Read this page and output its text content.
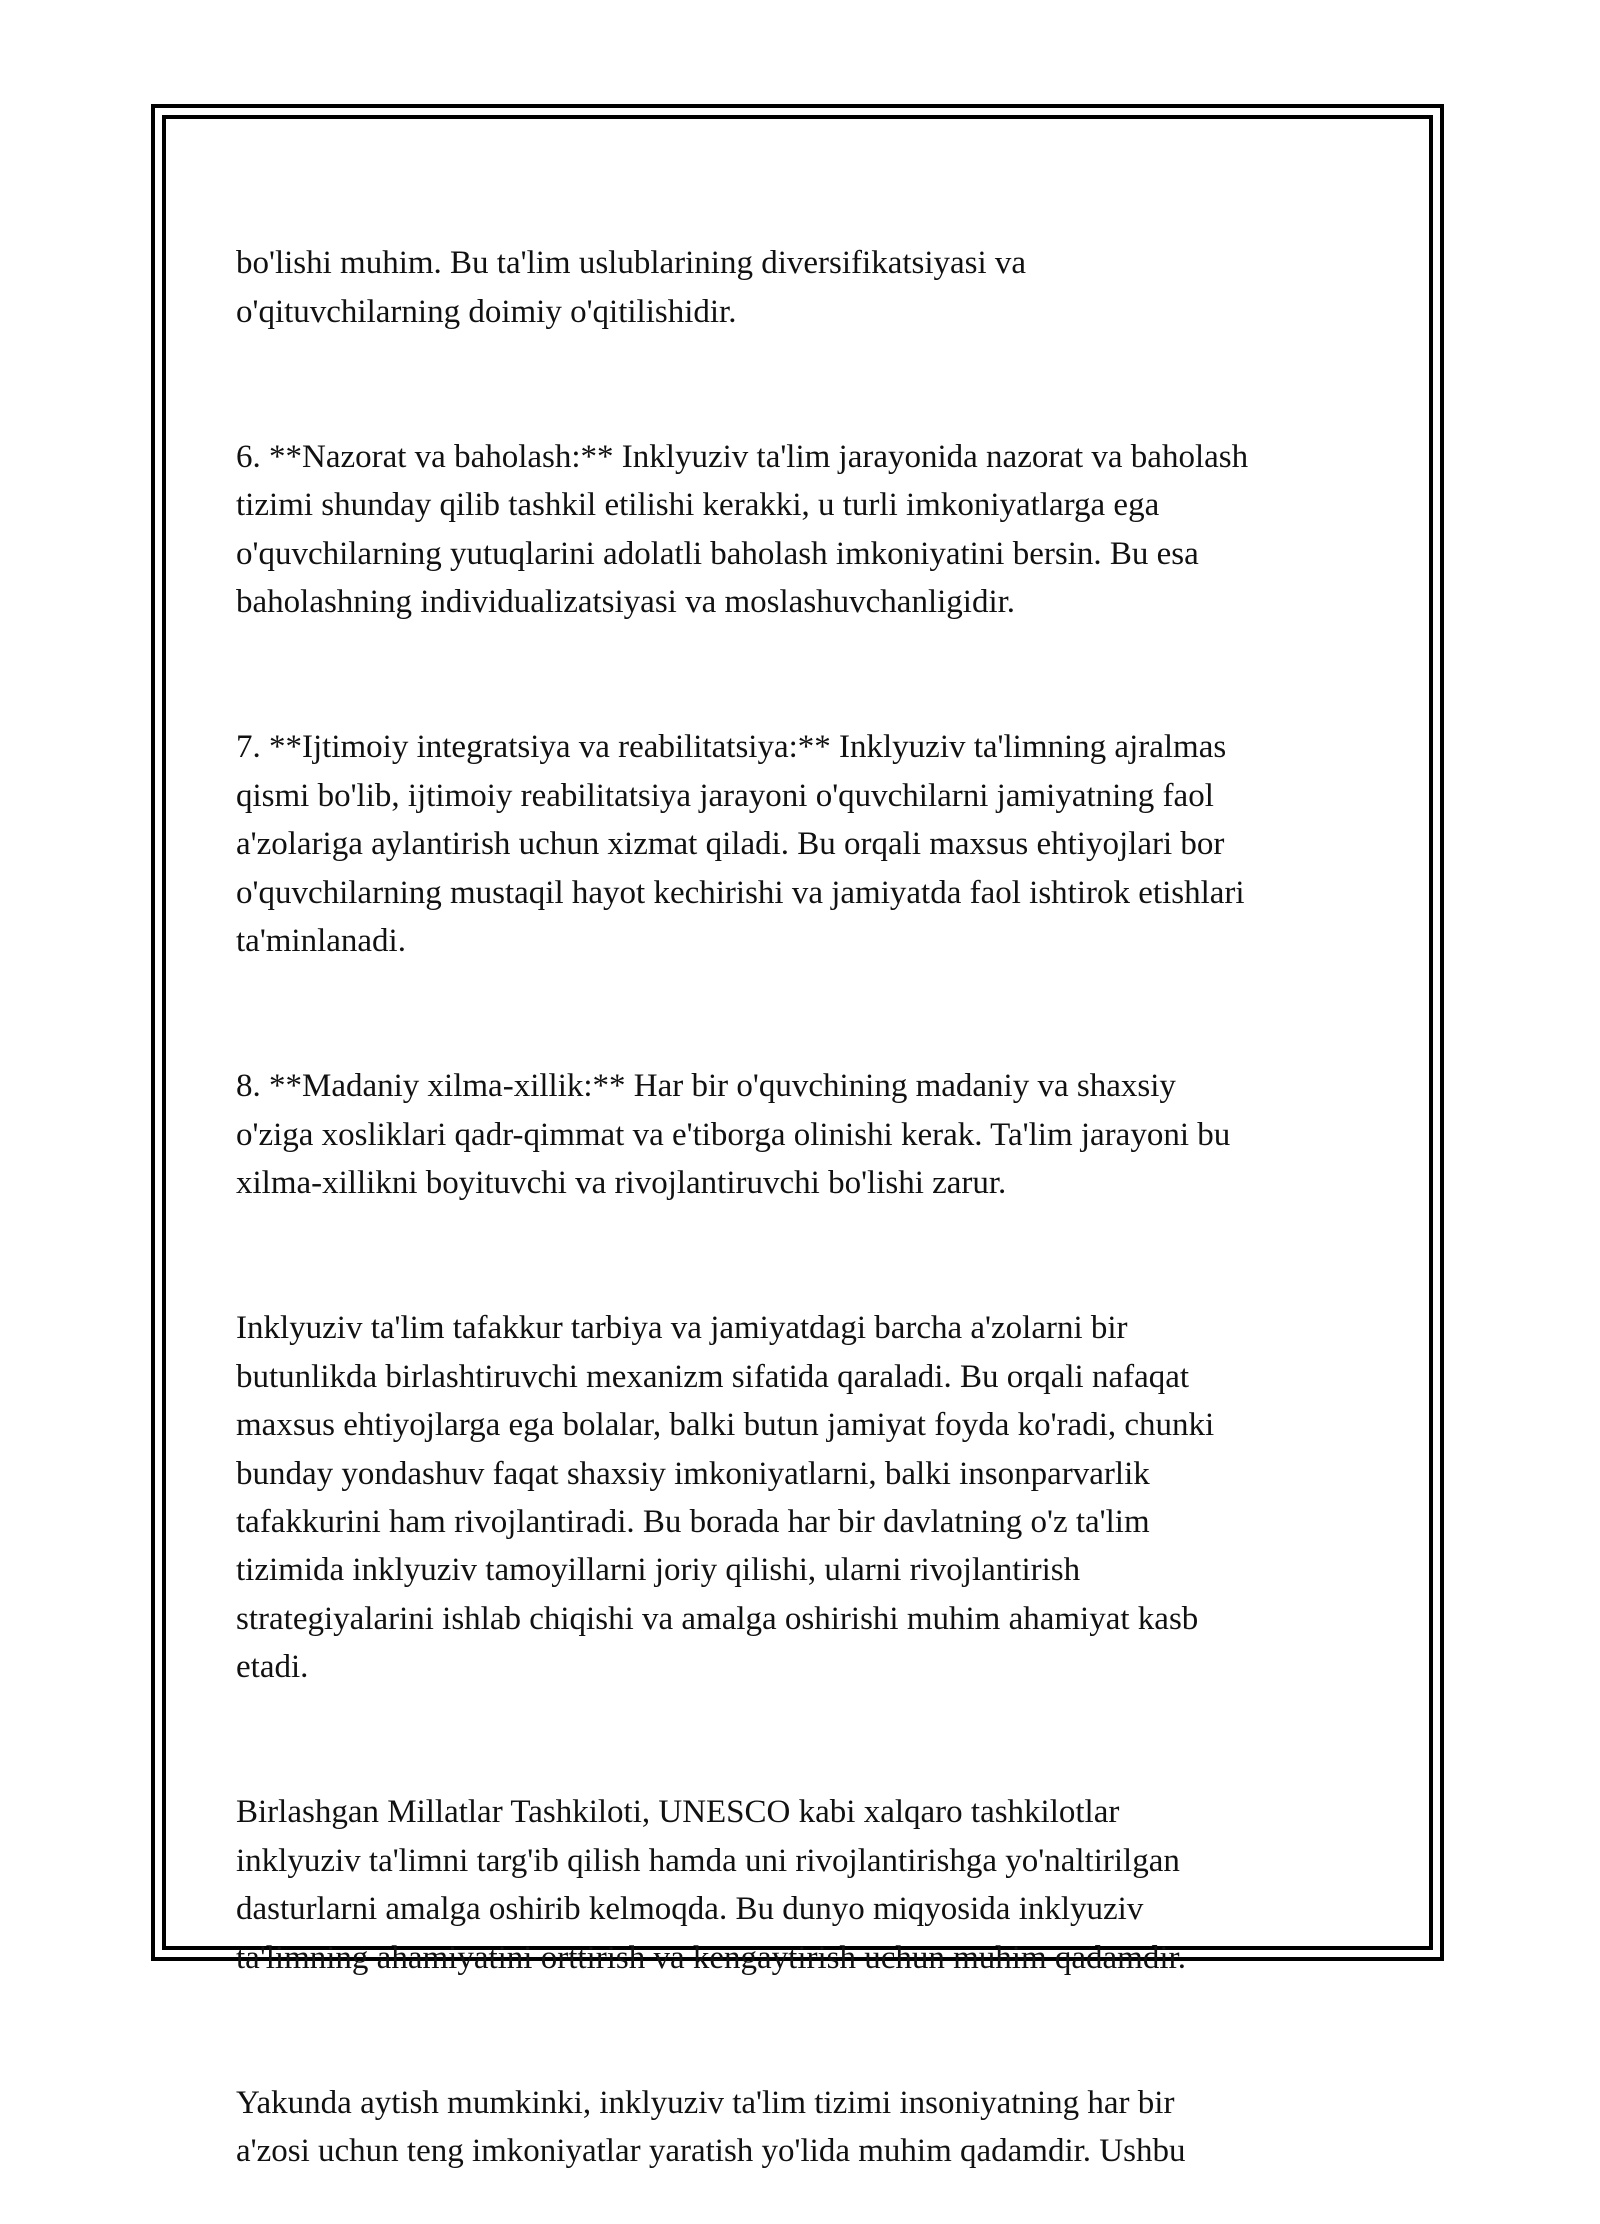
bo'lishi muhim. Bu ta'lim uslublarining diversifikatsiyasi va
o'qituvchilarning doimiy o'qitilishidir.

6. **Nazorat va baholash:** Inklyuziv ta'lim jarayonida nazorat va baholash
tizimi shunday qilib tashkil etilishi kerakki, u turli imkoniyatlarga ega
o'quvchilarning yutuqlarini adolatli baholash imkoniyatini bersin. Bu esa
baholashning individualizatsiyasi va moslashuvchanligidir.

7. **Ijtimoiy integratsiya va reabilitatsiya:** Inklyuziv ta'limning ajralmas
qismi bo'lib, ijtimoiy reabilitatsiya jarayoni o'quvchilarni jamiyatning faol
a'zolariga aylantirish uchun xizmat qiladi. Bu orqali maxsus ehtiyojlari bor
o'quvchilarning mustaqil hayot kechirishi va jamiyatda faol ishtirok etishlari
ta'minlanadi.

8. **Madaniy xilma-xillik:** Har bir o'quvchining madaniy va shaxsiy
o'ziga xosliklari qadr-qimmat va e'tiborga olinishi kerak. Ta'lim jarayoni bu
xilma-xillikni boyituvchi va rivojlantiruvchi bo'lishi zarur.

Inklyuziv ta'lim tafakkur tarbiya va jamiyatdagi barcha a'zolarni bir
butunlikda birlashtiruvchi mexanizm sifatida qaraladi. Bu orqali nafaqat
maxsus ehtiyojlarga ega bolalar, balki butun jamiyat foyda ko'radi, chunki
bunday yondashuv faqat shaxsiy imkoniyatlarni, balki insonparvarlik
tafakkurini ham rivojlantiradi. Bu borada har bir davlatning o'z ta'lim
tizimida inklyuziv tamoyillarni joriy qilishi, ularni rivojlantirish
strategiyalarini ishlab chiqishi va amalga oshirishi muhim ahamiyat kasb
etadi.

Birlashgan Millatlar Tashkiloti, UNESCO kabi xalqaro tashkilotlar
inklyuziv ta'limni targ'ib qilish hamda uni rivojlantirishga yo'naltirilgan
dasturlarni amalga oshirib kelmoqda. Bu dunyo miqyosida inklyuziv
ta'limning ahamiyatini orttirish va kengaytirish uchun muhim qadamdir.

Yakunda aytish mumkinki, inklyuziv ta'lim tizimi insoniyatning har bir
a'zosi uchun teng imkoniyatlar yaratish yo'lida muhim qadamdir. Ushbu
